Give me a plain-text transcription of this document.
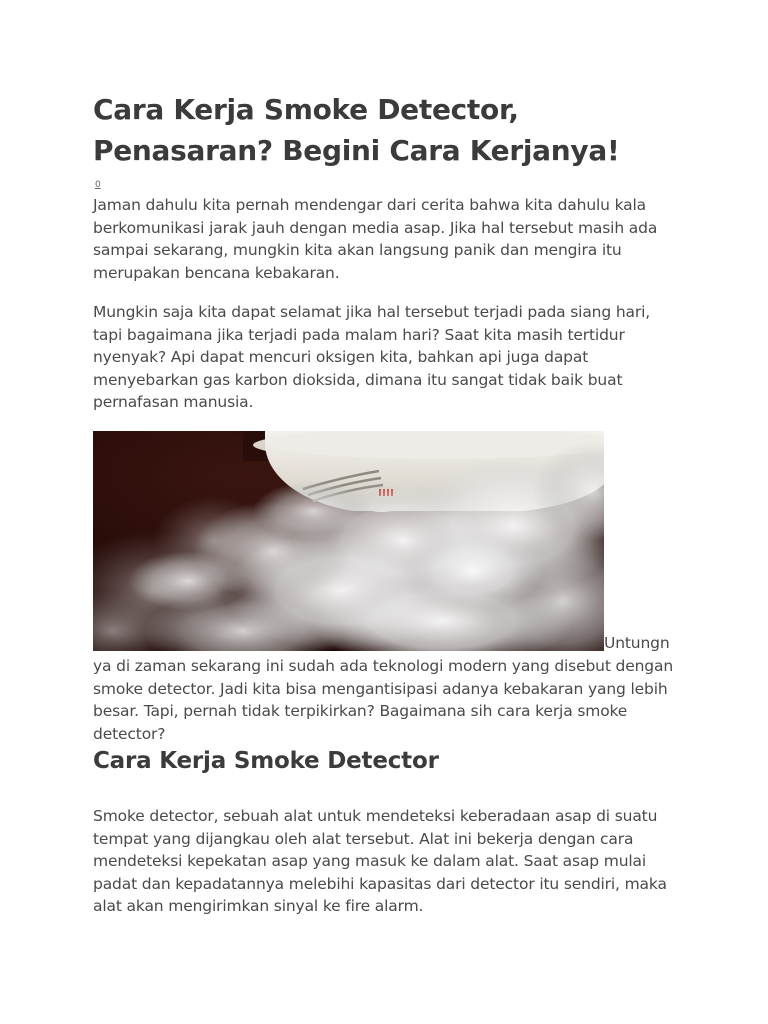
Cara Kerja Smoke Detector, Penasaran? Begini Cara Kerjanya!
0

Jaman dahulu kita pernah mendengar dari cerita bahwa kita dahulu kala berkomunikasi jarak jauh dengan media asap. Jika hal tersebut masih ada sampai sekarang, mungkin kita akan langsung panik dan mengira itu merupakan bencana kebakaran.

Mungkin saja kita dapat selamat jika hal tersebut terjadi pada siang hari, tapi bagaimana jika terjadi pada malam hari? Saat kita masih tertidur nyenyak? Api dapat mencuri oksigen kita, bahkan api juga dapat menyebarkan gas karbon dioksida, dimana itu sangat tidak baik buat pernafasan manusia.

Untungn
ya di zaman sekarang ini sudah ada teknologi modern yang disebut dengan smoke detector. Jadi kita bisa mengantisipasi adanya kebakaran yang lebih besar. Tapi, pernah tidak terpikirkan? Bagaimana sih cara kerja smoke detector?
Cara Kerja Smoke Detector

Smoke detector, sebuah alat untuk mendeteksi keberadaan asap di suatu tempat yang dijangkau oleh alat tersebut. Alat ini bekerja dengan cara mendeteksi kepekatan asap yang masuk ke dalam alat. Saat asap mulai padat dan kepadatannya melebihi kapasitas dari detector itu sendiri, maka alat akan mengirimkan sinyal ke fire alarm.
